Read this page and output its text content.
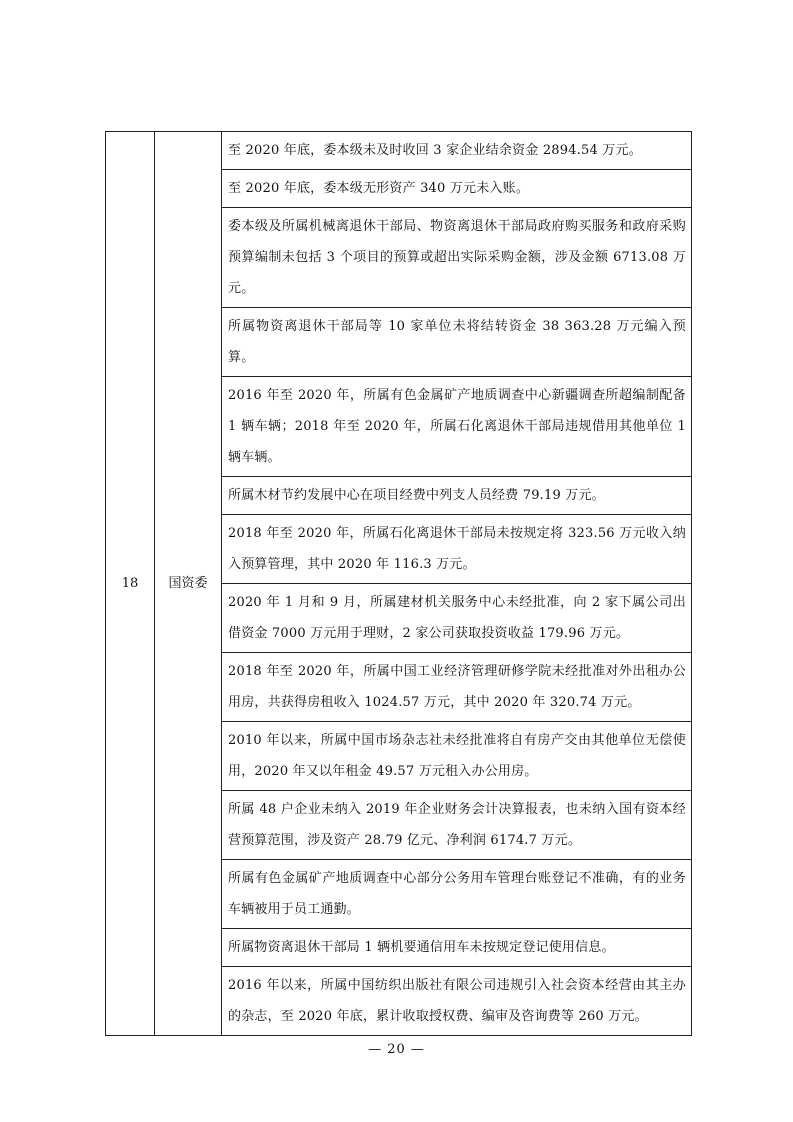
18	国资委	至 2020 年底，委本级未及时收回 3 家企业结余资金 2894.54 万元。
至 2020 年底，委本级无形资产 340 万元未入账。
委本级及所属机械离退休干部局、物资离退休干部局政府购买服务和政府采购预算编制未包括 3 个项目的预算或超出实际采购金额，涉及金额 6713.08 万元。
所属物资离退休干部局等 10 家单位未将结转资金 38 363.28 万元编入预算。
2016 年至 2020 年，所属有色金属矿产地质调查中心新疆调查所超编制配备 1 辆车辆；2018 年至 2020 年，所属石化离退休干部局违规借用其他单位 1 辆车辆。
所属木材节约发展中心在项目经费中列支人员经费 79.19 万元。
2018 年至 2020 年，所属石化离退休干部局未按规定将 323.56 万元收入纳入预算管理，其中 2020 年 116.3 万元。
2020 年 1 月和 9 月，所属建材机关服务中心未经批准，向 2 家下属公司出借资金 7000 万元用于理财，2 家公司获取投资收益 179.96 万元。
2018 年至 2020 年，所属中国工业经济管理研修学院未经批准对外出租办公用房，共获得房租收入 1024.57 万元，其中 2020 年 320.74 万元。
2010 年以来，所属中国市场杂志社未经批准将自有房产交由其他单位无偿使用，2020 年又以年租金 49.57 万元租入办公用房。
所属 48 户企业未纳入 2019 年企业财务会计决算报表，也未纳入国有资本经营预算范围，涉及资产 28.79 亿元、净利润 6174.7 万元。
所属有色金属矿产地质调查中心部分公务用车管理台账登记不准确，有的业务车辆被用于员工通勤。
所属物资离退休干部局 1 辆机要通信用车未按规定登记使用信息。
2016 年以来，所属中国纺织出版社有限公司违规引入社会资本经营由其主办的杂志，至 2020 年底，累计收取授权费、编审及咨询费等 260 万元。
— 20 —
